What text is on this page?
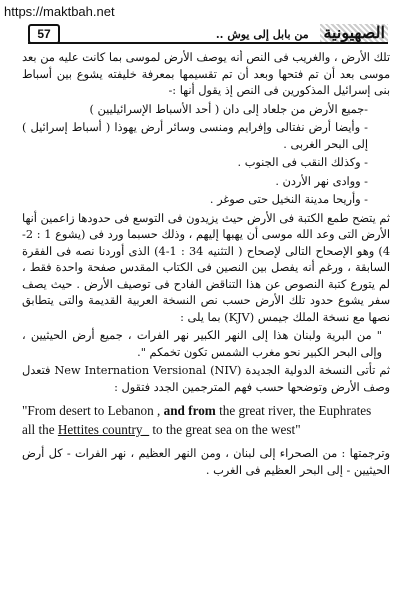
https://maktbah.net
57	الصهيونية من بابل إلى يوش ..

تلك الأرض ، والغريب فى النص أنه يوصف الأرض لموسى بما كانت عليه من بعد موسى بعد أن تم فتحها وبعد أن تم تقسيمها بمعرفة خليفته يشوع بين أسباط بنى إسرائيل المذكورين فى النص إذ يقول أنها :-

-جميع الأرض من جلعاد إلى دان ( أحد الأسباط الإسرائيليين )

- وأيضا أرض نفتالى وإفرايم ومنسى وسائر أرض يهوذا ( أسباط إسرائيل ) إلى البحر الغربى .

- وكذلك النقب فى الجنوب .

- ووادى نهر الأردن .

- وأريحا مدينة النخيل حتى صوغر .

ثم يتضح طمع الكتبة فى الأرض حيث يزيدون فى التوسع فى حدودها زاعمين أنها الأرض التى وعد الله موسى أن يهبها إليهم ، وذلك حسبما ورد فى (يشوع 1 : 2-4) وهو الإصحاح التالى لإصحاح ( التثنيه 34 : 1-4) الذى أوردنا نصه فى الفقرة السابقة ، ورغم أنه يفصل بين النصين فى الكتاب المقدس صفحة واحدة فقط ، لم يتورع كتبة النصوص عن هذا التناقض الفادح فى توصيف الأرض . حيث يصف سفر يشوع حدود تلك الأرض حسب نص النسخة العربية القديمة والتى يتطابق نصها مع نسخة الملك جيمس (KJV) بما يلى :

" من البرية ولبنان هذا إلى النهر الكبير نهر الفرات ، جميع أرض الحيثيين ، وإلى البحر الكبير نحو مغرب الشمس تكون تخمكم ".

ثم تأتى النسخة الدولية الجديدة (NIV) New Internation Versional فتعدل وصف الأرض وتوضحها حسب فهم المترجمين الجدد فتقول :

"From desert to Lebanon , and from the great river, the Euphrates all the Hettites country_ to the great sea on the west"

وترجمتها : من الصحراء إلى لبنان ، ومن النهر العظيم ، نهر الفرات - كل أرض الحيثيين - إلى البحر العظيم فى الغرب .
